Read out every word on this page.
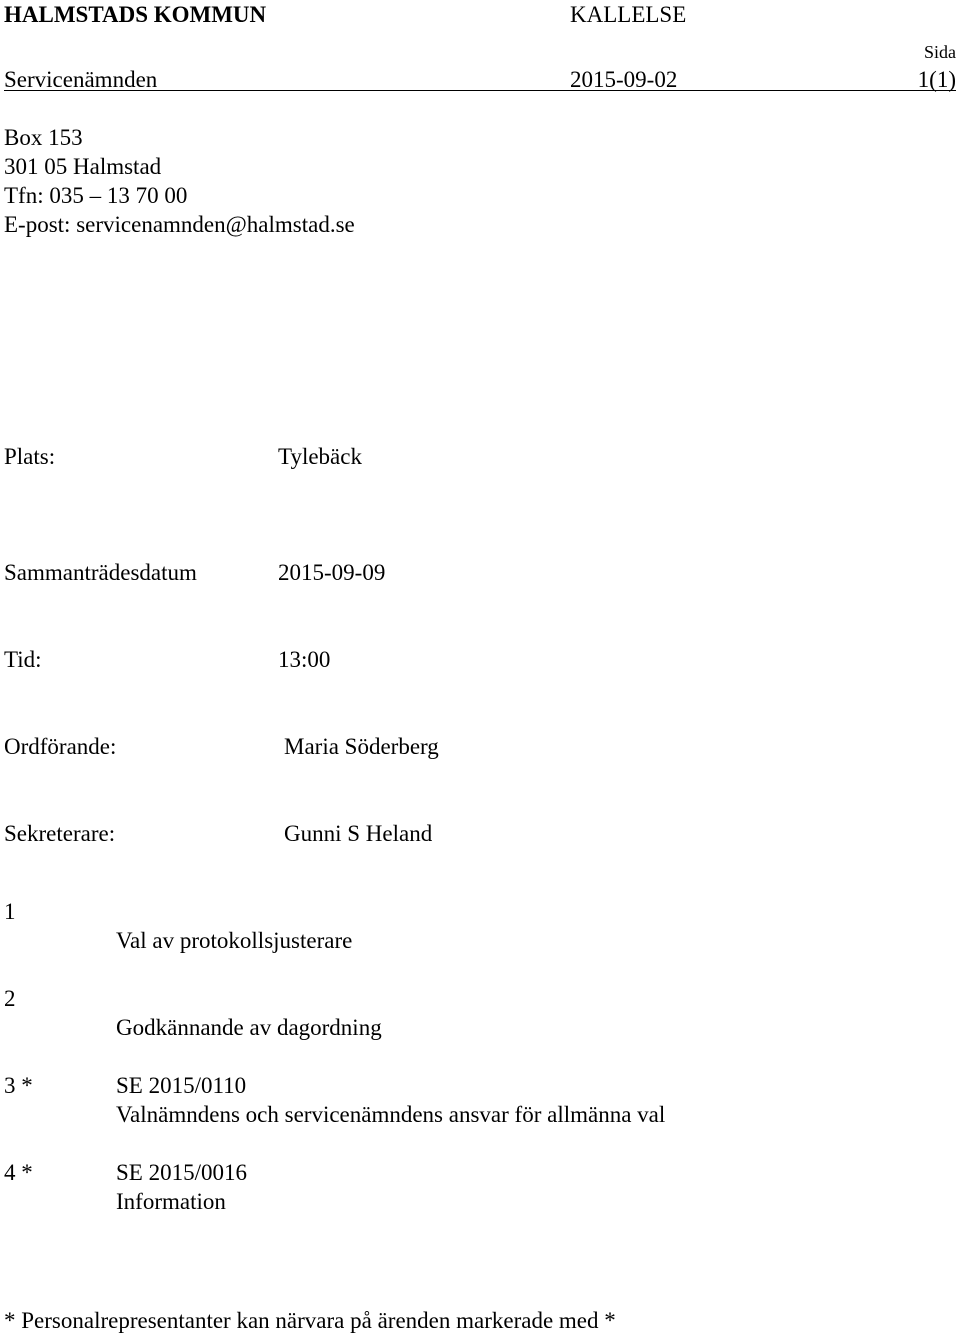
HALMSTADS KOMMUN	KALLELSE
Sida
Servicenämnden	2015-09-02	1(1)
Box 153
301 05 Halmstad
Tfn: 035 – 13 70 00
E-post: servicenamnden@halmstad.se
Plats:	Tylebäck
Sammanträdesdatum	2015-09-09
Tid:	13:00
Ordförande:	Maria Söderberg
Sekreterare:	Gunni S Heland
1
Val av protokollsjusterare
2
Godkännande av dagordning
3 *	SE 2015/0110
Valnämndens och servicenämndens ansvar för allmänna val
4 *	SE 2015/0016
Information
* Personalrepresentanter kan närvara på ärenden markerade med *
